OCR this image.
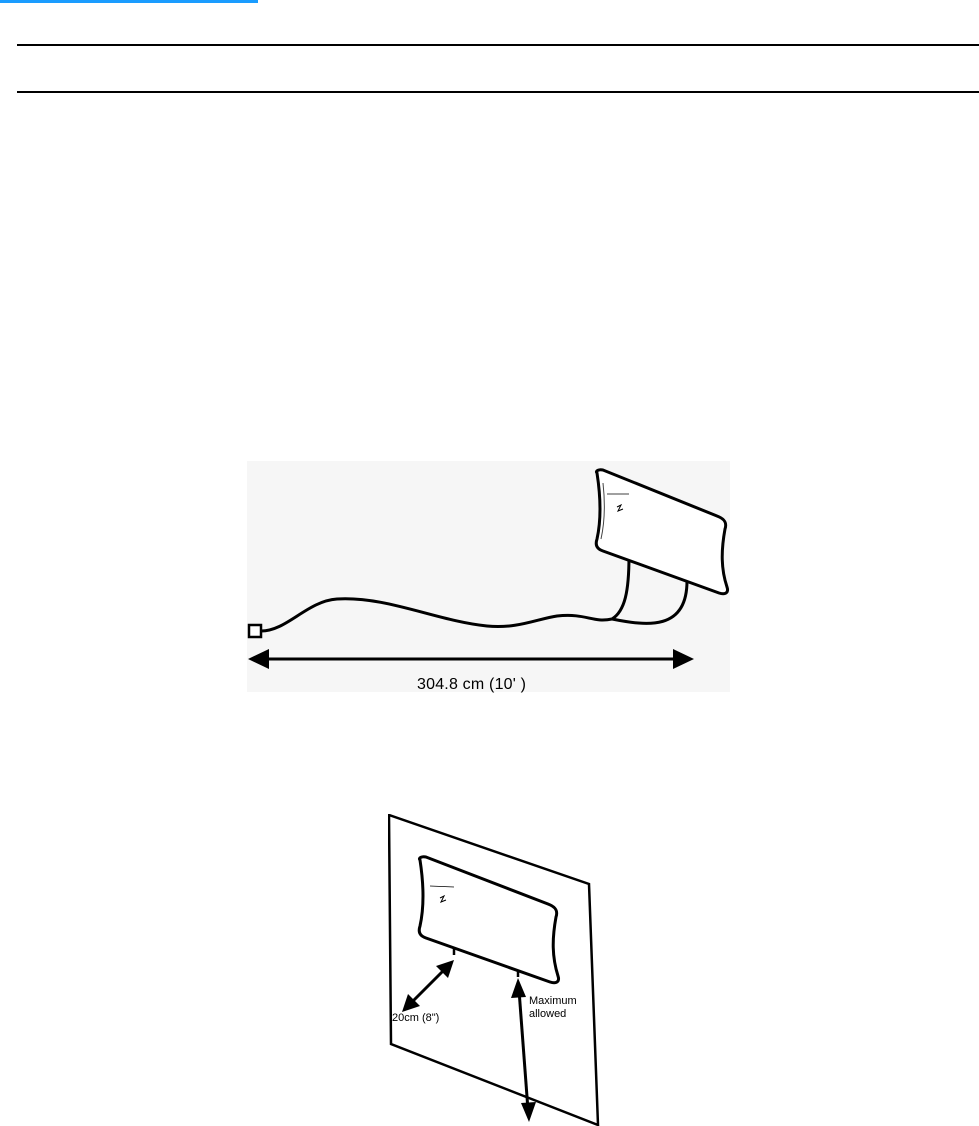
304.8 cm (10' )
20cm (8")
Maximum allowed
